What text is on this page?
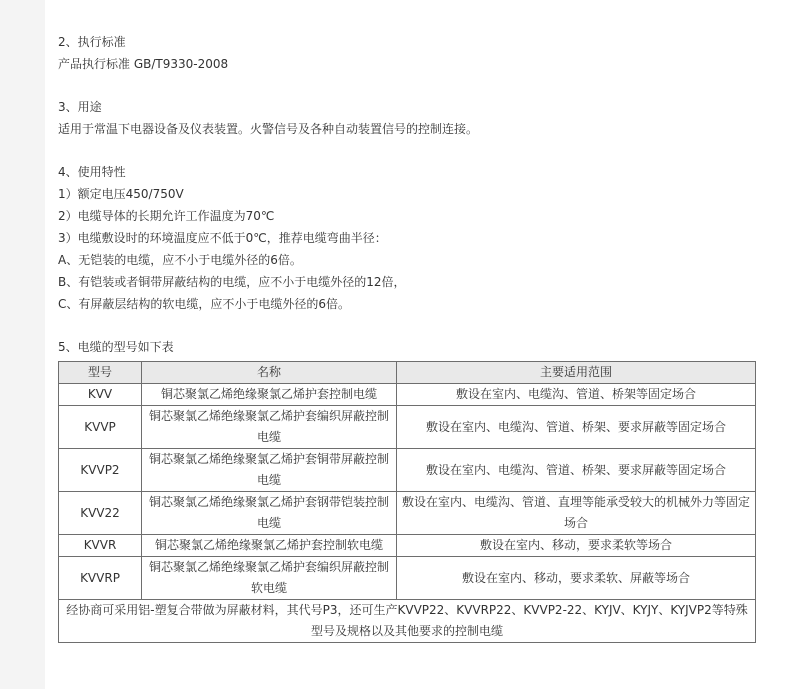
2、执行标准
产品执行标准 GB/T9330-2008
3、用途
适用于常温下电器设备及仪表装置。火警信号及各种自动装置信号的控制连接。
4、使用特性
1）额定电压450/750V
2）电缆导体的长期允许工作温度为70℃
3）电缆敷设时的环境温度应不低于0℃，推荐电缆弯曲半径：
A、无铠装的电缆，应不小于电缆外径的6倍。
B、有铠装或者铜带屏蔽结构的电缆，应不小于电缆外径的12倍，
C、有屏蔽层结构的软电缆，应不小于电缆外径的6倍。
5、电缆的型号如下表
型号	名称	主要适用范围
KVV	铜芯聚氯乙烯绝缘聚氯乙烯护套控制电缆	敷设在室内、电缆沟、管道、桥架等固定场合
KVVP	铜芯聚氯乙烯绝缘聚氯乙烯护套编织屏蔽控制电缆	敷设在室内、电缆沟、管道、桥架、要求屏蔽等固定场合
KVVP2	铜芯聚氯乙烯绝缘聚氯乙烯护套铜带屏蔽控制电缆	敷设在室内、电缆沟、管道、桥架、要求屏蔽等固定场合
KVV22	铜芯聚氯乙烯绝缘聚氯乙烯护套钢带铠装控制电缆	敷设在室内、电缆沟、管道、直埋等能承受较大的机械外力等固定场合
KVVR	铜芯聚氯乙烯绝缘聚氯乙烯护套控制软电缆	敷设在室内、移动，要求柔软等场合
KVVRP	铜芯聚氯乙烯绝缘聚氯乙烯护套编织屏蔽控制软电缆	敷设在室内、移动，要求柔软、屏蔽等场合
经协商可采用铝-塑复合带做为屏蔽材料，其代号P3，还可生产KVVP22、KVVRP22、KVVP2-22、KYJV、KYJY、KYJVP2等特殊型号及规格以及其他要求的控制电缆		
